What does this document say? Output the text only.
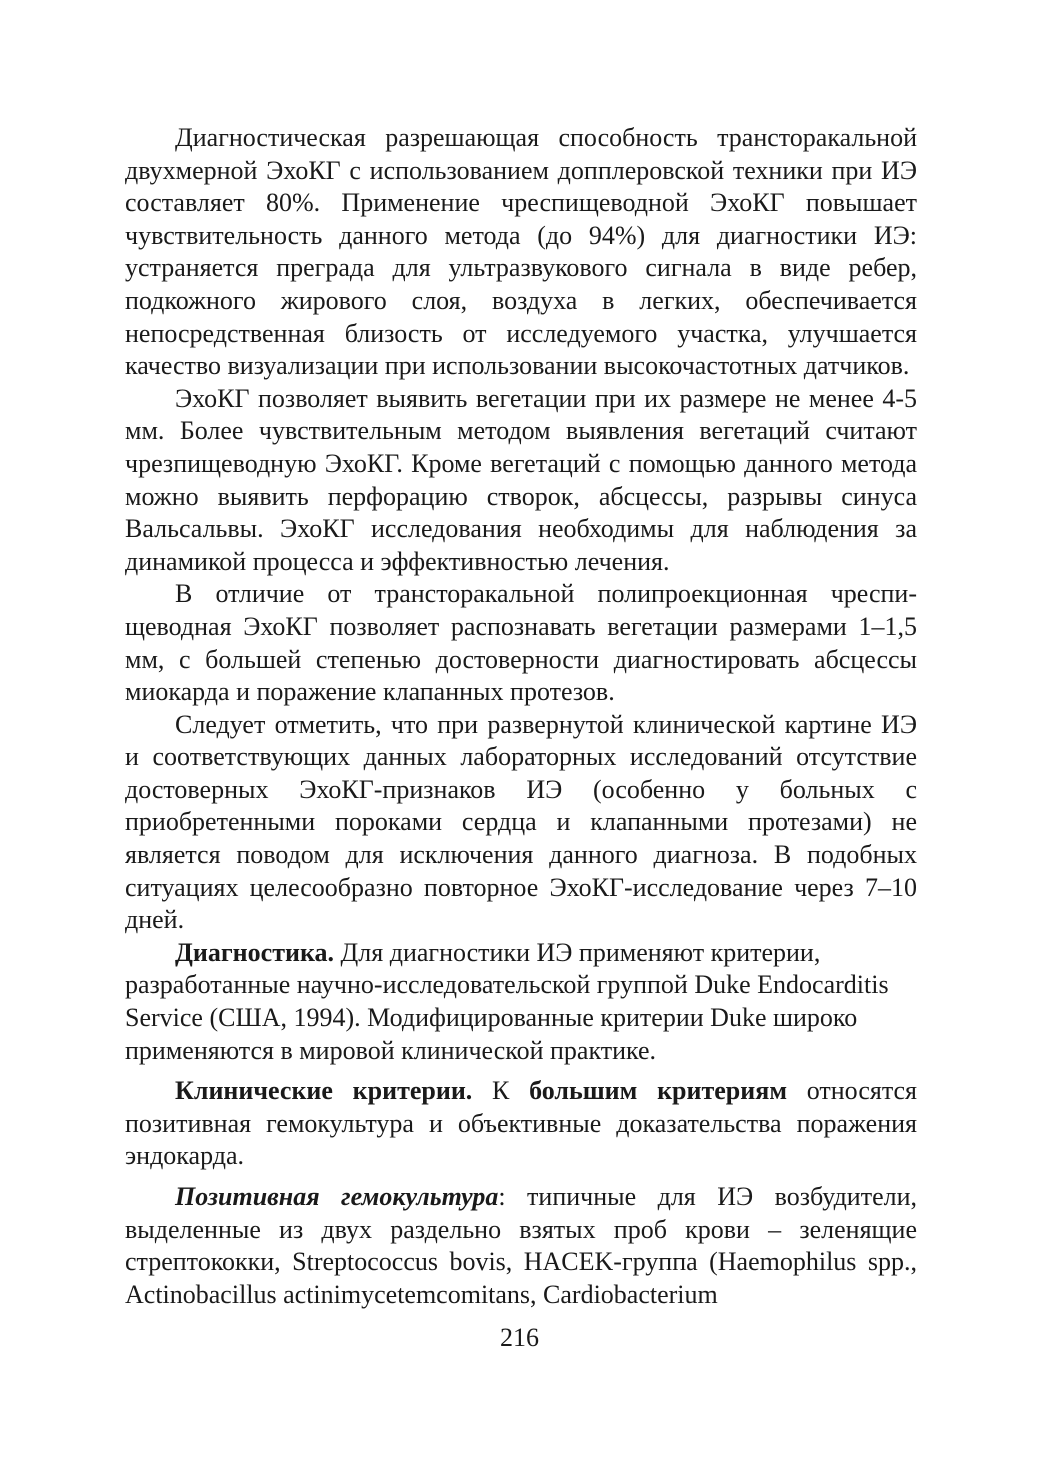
Диагностическая разрешающая способность трансторакальной двухмерной ЭхоКГ с использованием допплеровской техники при ИЭ составляет 80%. Применение чреспищеводной ЭхоКГ повышает чувствительность данного метода (до 94%) для диагностики ИЭ: устраняется преграда для ультразвукового сигнала в виде ребер, подкожного жирового слоя, воздуха в легких, обеспечивается непосредственная близость от исследуемого участка, улучшается качество визуализации при использовании высокочастотных датчиков.

ЭхоКГ позволяет выявить вегетации при их размере не менее 4-5 мм. Более чувствительным методом выявления вегетаций считают чрезпищеводную ЭхоКГ. Кроме вегетаций с помощью данного метода можно выявить перфорацию створок, абсцессы, разрывы синуса Вальсальвы. ЭхоКГ исследования необходимы для наблюдения за динамикой процесса и эффективностью лечения.

В отличие от трансторакальной полипроекционная чреспищеводная ЭхоКГ позволяет распознавать вегетации размерами 1–1,5 мм, с большей степенью достоверности диагностировать абсцессы миокарда и поражение клапанных протезов.

Следует отметить, что при развернутой клинической картине ИЭ и соответствующих данных лабораторных исследований отсутствие достоверных ЭхоКГ-признаков ИЭ (особенно у больных с приобретенными пороками сердца и клапанными протезами) не является поводом для исключения данного диагноза. В подобных ситуациях целесообразно повторное ЭхоКГ-исследование через 7–10 дней.

Диагностика. Для диагностики ИЭ применяют критерии, разработанные научно-исследовательской группой Duke Endocarditis Service (США, 1994). Модифицированные критерии Duke широко применяются в мировой клинической практике.

Клинические критерии. К большим критериям относятся позитивная гемокультура и объективные доказательства поражения эндокарда.

Позитивная гемокультура: типичные для ИЭ возбудители, выделенные из двух раздельно взятых проб крови – зеленящие стрептококки, Streptococcus bovis, HACEK-группа (Haemophilus spp., Actinobacillus actinimycetemcomitans, Cardiobacterium

216
